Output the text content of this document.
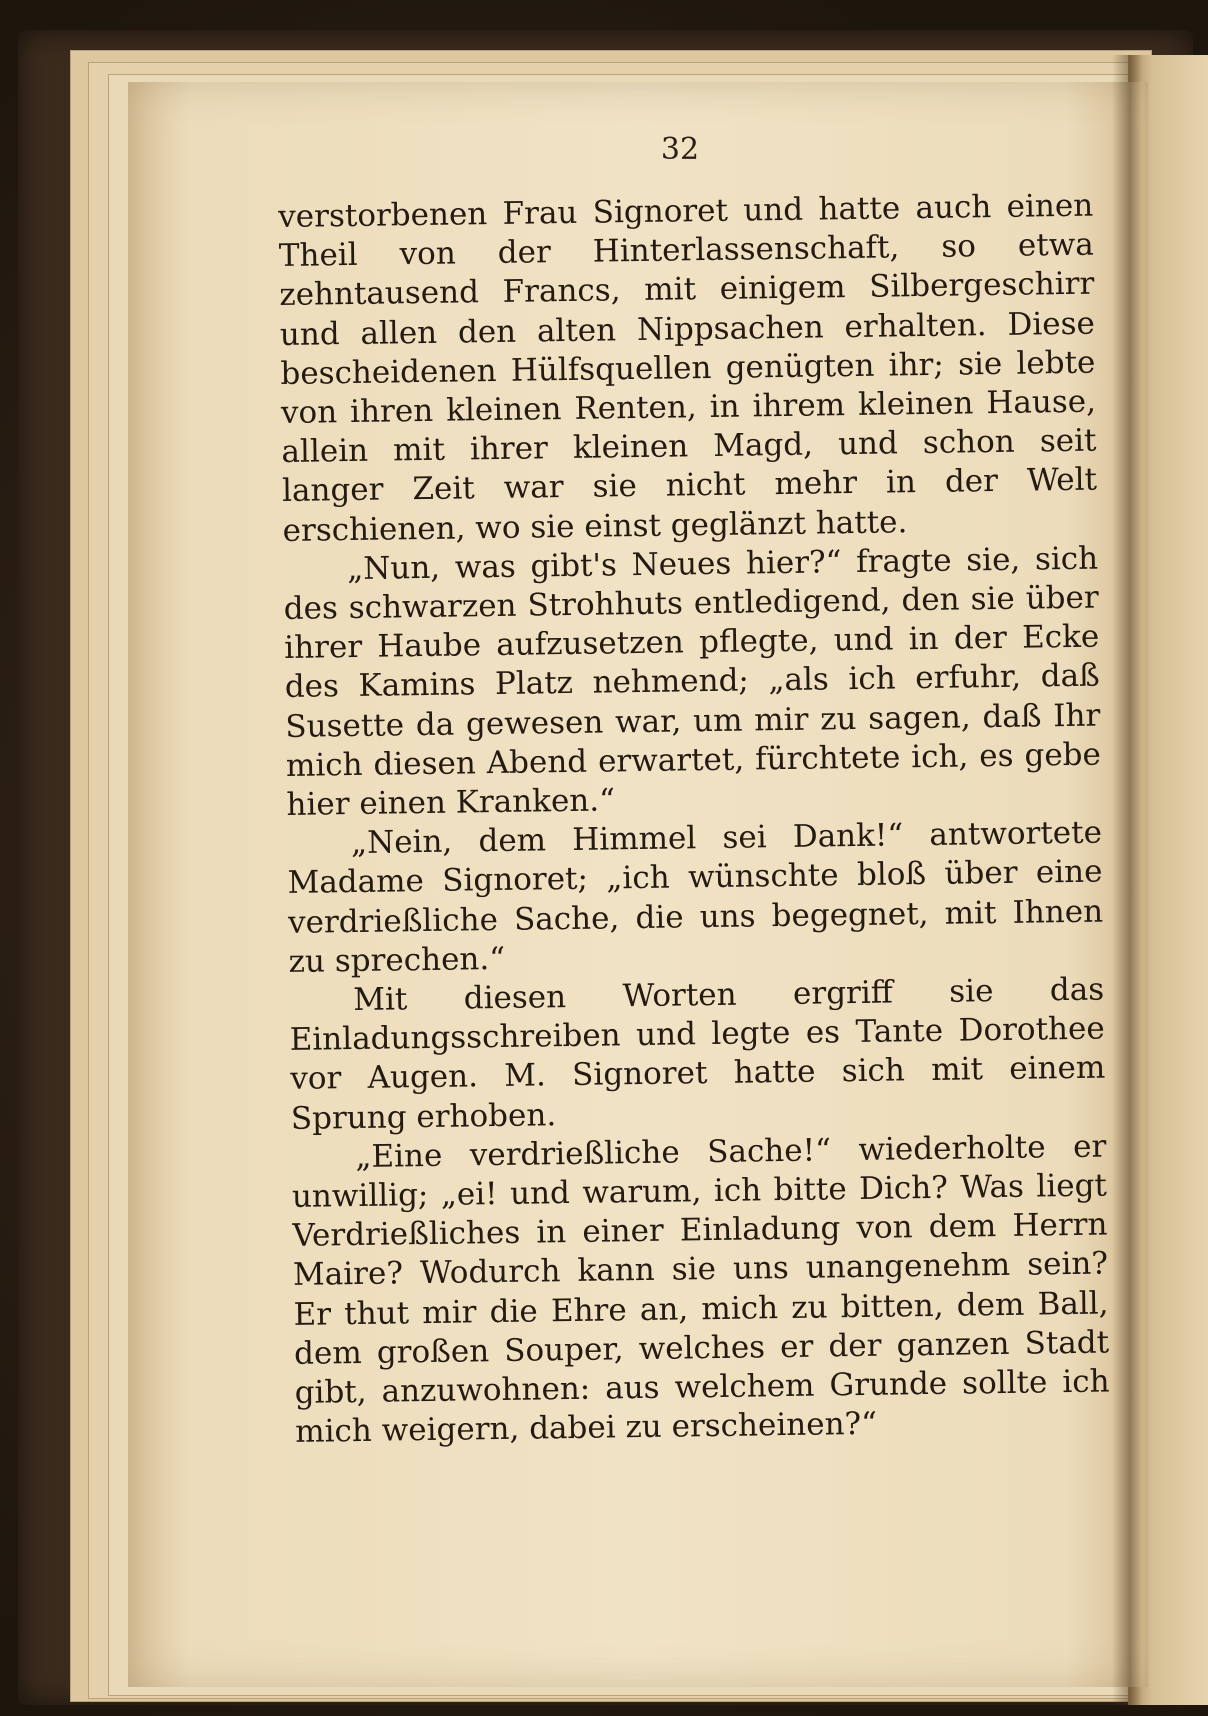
32

verstorbenen Frau Signoret und hatte auch einen Theil von der Hinterlassenschaft, so etwa zehntausend Francs, mit einigem Silbergeschirr und allen den alten Nippsachen erhalten. Diese bescheidenen Hülfsquellen genügten ihr; sie lebte von ihren kleinen Renten, in ihrem kleinen Hause, allein mit ihrer kleinen Magd, und schon seit langer Zeit war sie nicht mehr in der Welt erschienen, wo sie einst geglänzt hatte.

„Nun, was gibt's Neues hier?“ fragte sie, sich des schwarzen Strohhuts entledigend, den sie über ihrer Haube aufzusetzen pflegte, und in der Ecke des Kamins Platz nehmend; „als ich erfuhr, daß Susette da gewesen war, um mir zu sagen, daß Ihr mich diesen Abend erwartet, fürchtete ich, es gebe hier einen Kranken.“

„Nein, dem Himmel sei Dank!“ antwortete Madame Signoret; „ich wünschte bloß über eine verdrießliche Sache, die uns begegnet, mit Ihnen zu sprechen.“

Mit diesen Worten ergriff sie das Einladungsschreiben und legte es Tante Dorothee vor Augen. M. Signoret hatte sich mit einem Sprung erhoben.

„Eine verdrießliche Sache!“ wiederholte er unwillig; „ei! und warum, ich bitte Dich? Was liegt Verdrießliches in einer Einladung von dem Herrn Maire? Wodurch kann sie uns unangenehm sein? Er thut mir die Ehre an, mich zu bitten, dem Ball, dem großen Souper, welches er der ganzen Stadt gibt, anzuwohnen: aus welchem Grunde sollte ich mich weigern, dabei zu erscheinen?“
